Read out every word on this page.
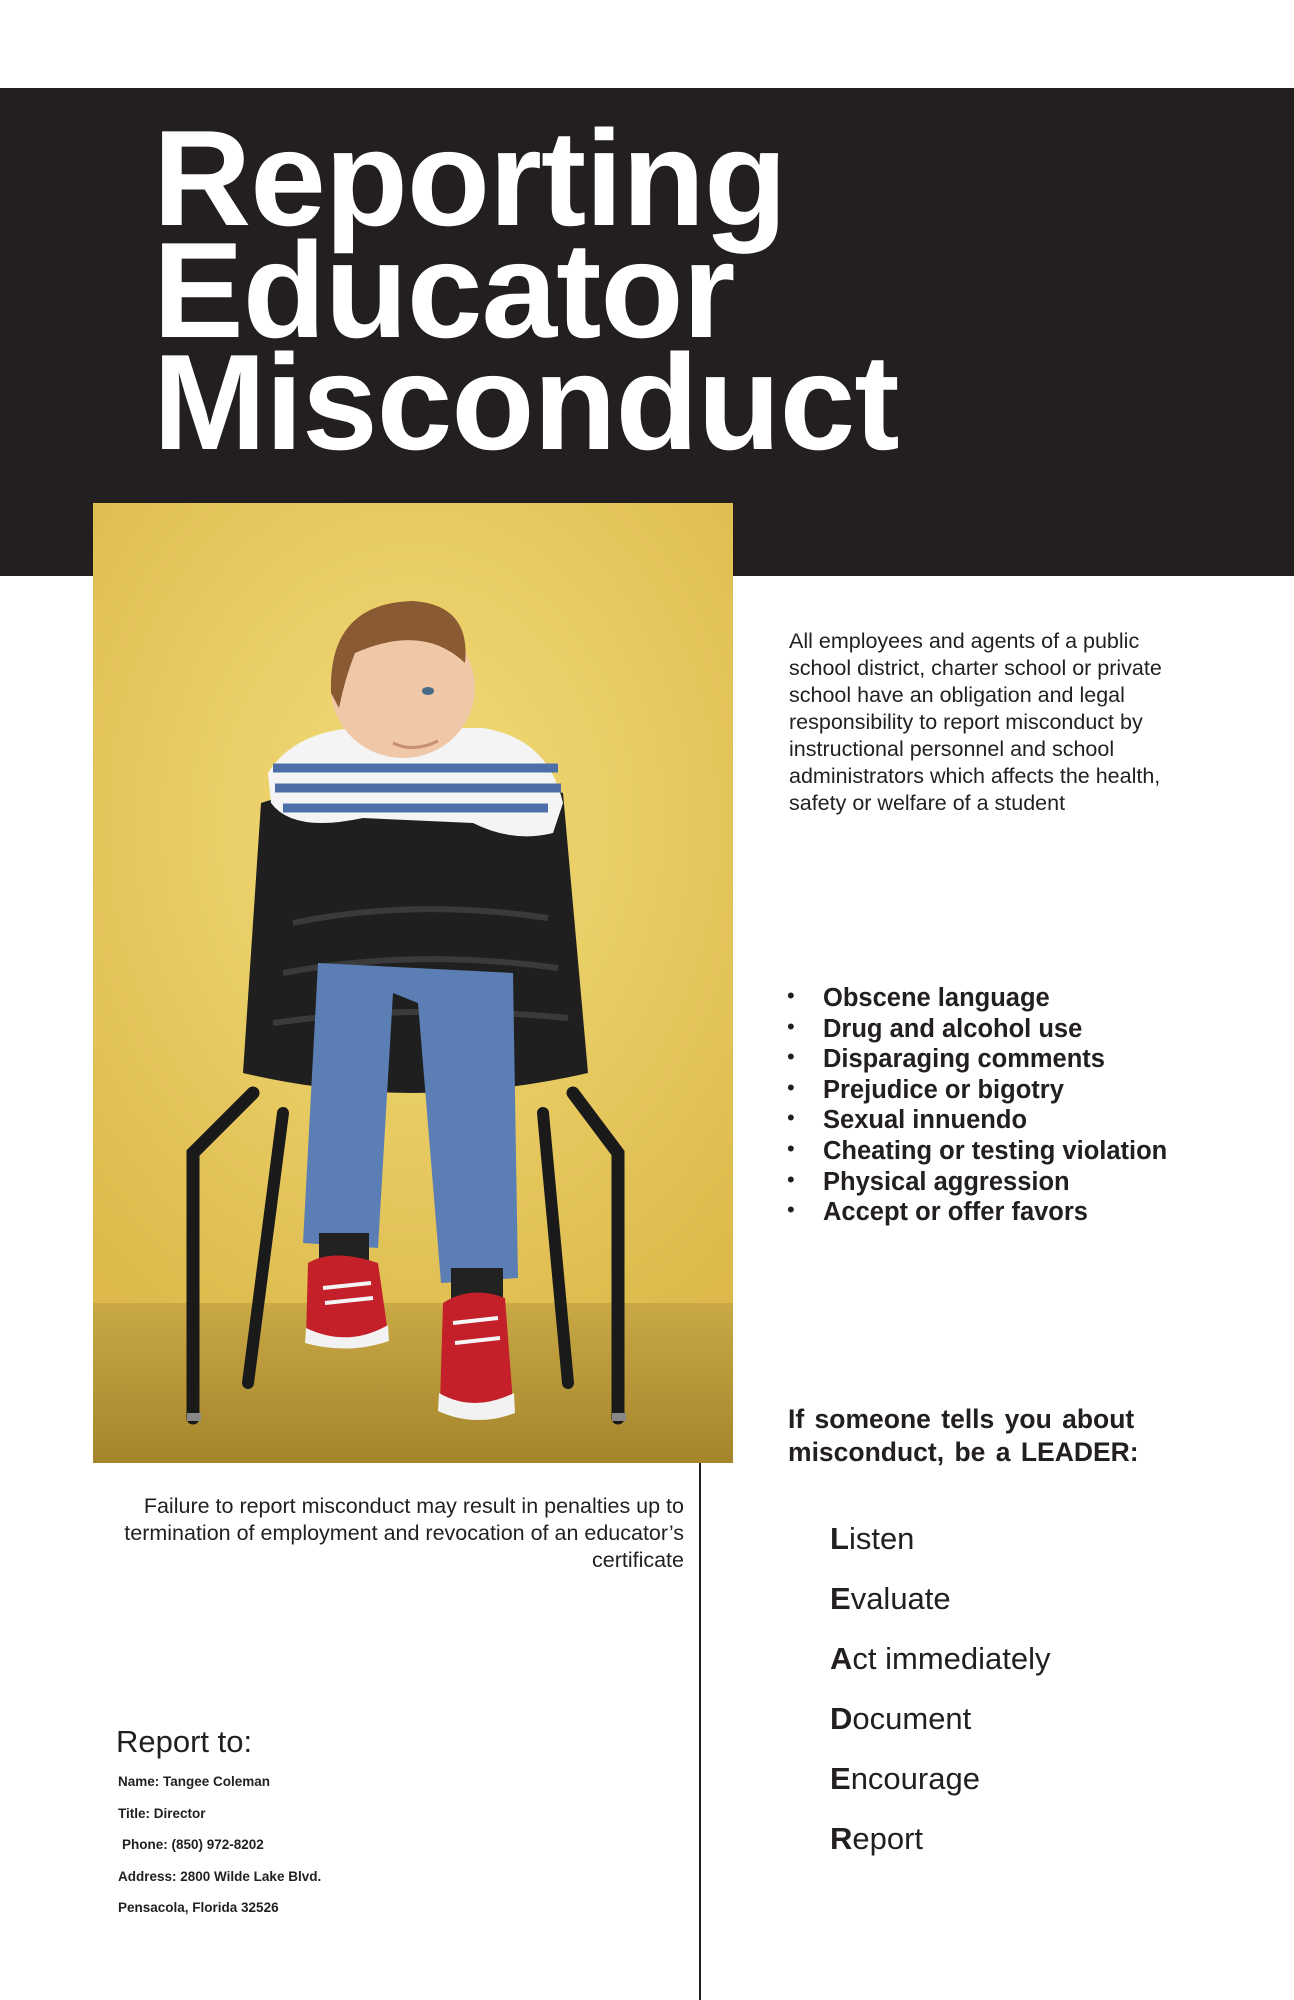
Reporting
Educator
Misconduct

All employees and agents of a public school district, charter school or private school have an obligation and legal responsibility to report misconduct by instructional personnel and school administrators which affects the health, safety or welfare of a student

• Obscene language
• Drug and alcohol use
• Disparaging comments
• Prejudice or bigotry
• Sexual innuendo
• Cheating or testing violation
• Physical aggression
• Accept or offer favors

If someone tells you about misconduct, be a LEADER:

Listen
Evaluate
Act immediately
Document
Encourage
Report

Failure to report misconduct may result in penalties up to termination of employment and revocation of an educator’s certificate

Report to:
Name: Tangee Coleman
Title: Director
Phone: (850) 972-8202
Address: 2800 Wilde Lake Blvd.
Pensacola, Florida 32526
